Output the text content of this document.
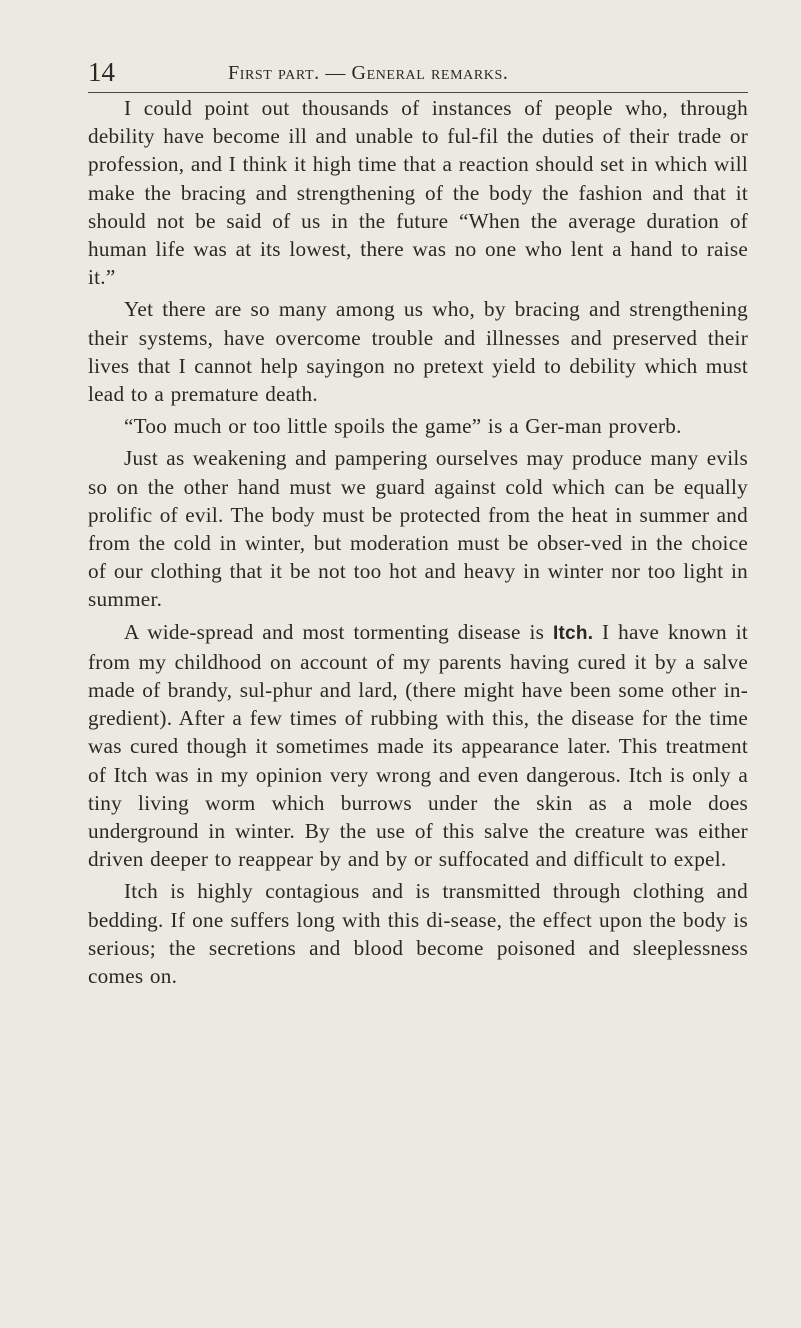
14	First part. — General remarks.

I could point out thousands of instances of people who, through debility have become ill and unable to ful-fil the duties of their trade or profession, and I think it high time that a reaction should set in which will make the bracing and strengthening of the body the fashion and that it should not be said of us in the future “When the average duration of human life was at its lowest, there was no one who lent a hand to raise it.”

Yet there are so many among us who, by bracing and strengthening their systems, have overcome trouble and illnesses and preserved their lives that I cannot help sayingon no pretext yield to debility which must lead to a premature death.

“Too much or too little spoils the game” is a Ger-man proverb.

Just as weakening and pampering ourselves may produce many evils so on the other hand must we guard against cold which can be equally prolific of evil. The body must be protected from the heat in summer and from the cold in winter, but moderation must be obser-ved in the choice of our clothing that it be not too hot and heavy in winter nor too light in summer.

A wide-spread and most tormenting disease is Itch. I have known it from my childhood on account of my parents having cured it by a salve made of brandy, sul-phur and lard, (there might have been some other in-gredient). After a few times of rubbing with this, the disease for the time was cured though it sometimes made its appearance later. This treatment of Itch was in my opinion very wrong and even dangerous. Itch is only a tiny living worm which burrows under the skin as a mole does underground in winter. By the use of this salve the creature was either driven deeper to reappear by and by or suffocated and difficult to expel.

Itch is highly contagious and is transmitted through clothing and bedding. If one suffers long with this di-sease, the effect upon the body is serious; the secretions and blood become poisoned and sleeplessness comes on.
